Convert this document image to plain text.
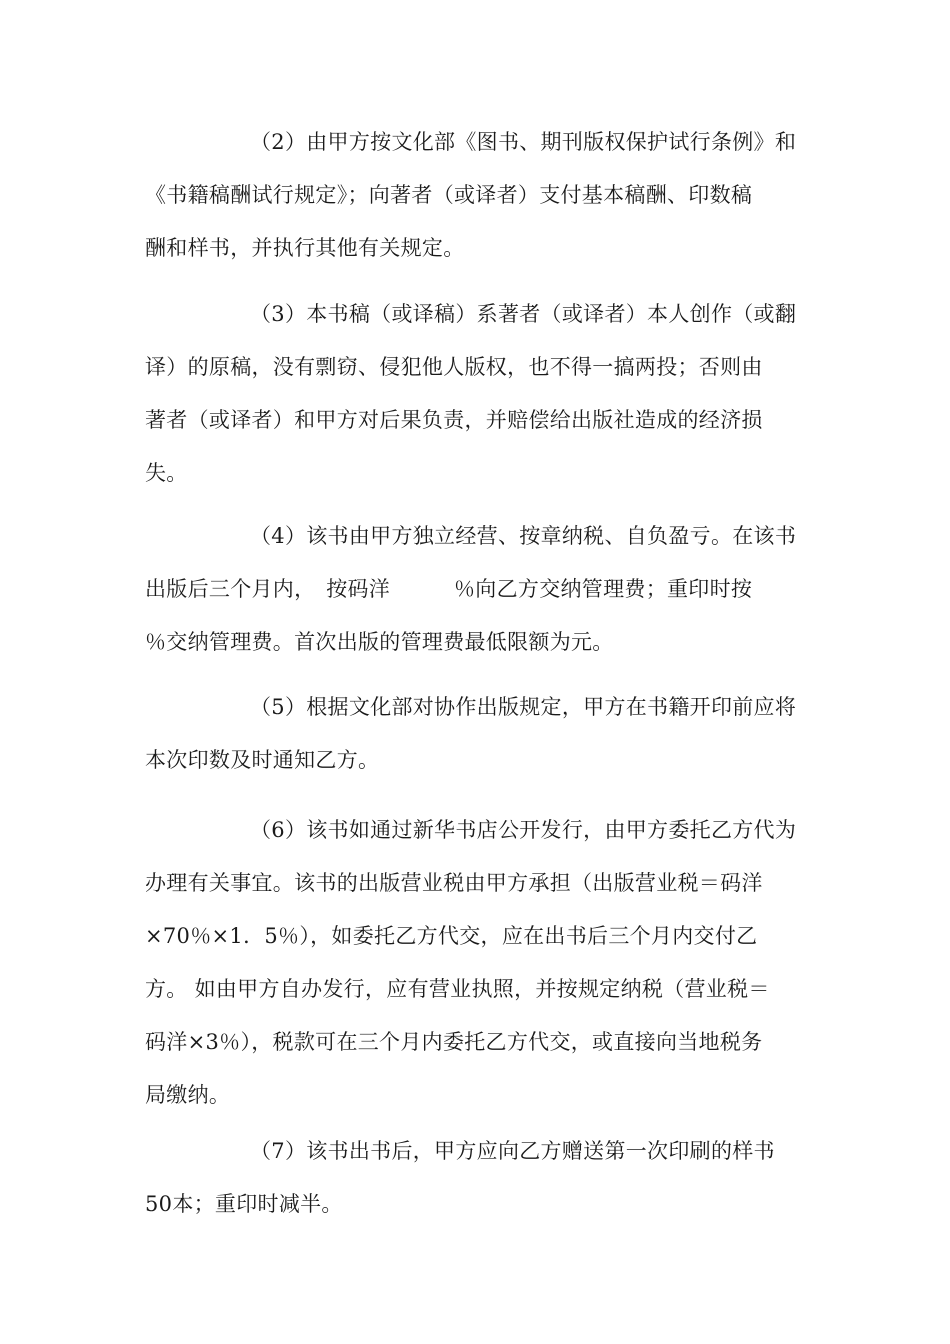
（2）由甲方按文化部《图书、期刊版权保护试行条例》和
《书籍稿酬试行规定》；向著者（或译者）支付基本稿酬、印数稿
酬和样书，并执行其他有关规定。
（3）本书稿（或译稿）系著者（或译者）本人创作（或翻
译）的原稿，没有剽窃、侵犯他人版权，也不得一搞两投；否则由
著者（或译者）和甲方对后果负责，并赔偿给出版社造成的经济损
失。
（4）该书由甲方独立经营、按章纳税、自负盈亏。在该书
出版后三个月内，　按码洋　　　％向乙方交纳管理费；重印时按
％交纳管理费。首次出版的管理费最低限额为元。
（5）根据文化部对协作出版规定，甲方在书籍开印前应将
本次印数及时通知乙方。
（6）该书如通过新华书店公开发行，由甲方委托乙方代为
办理有关事宜。该书的出版营业税由甲方承担（出版营业税＝码洋
×70％×1．5％），如委托乙方代交，应在出书后三个月内交付乙
方。 如由甲方自办发行，应有营业执照，并按规定纳税（营业税＝
码洋×3％），税款可在三个月内委托乙方代交，或直接向当地税务
局缴纳。
（7）该书出书后，甲方应向乙方赠送第一次印刷的样书
50本；重印时减半。
